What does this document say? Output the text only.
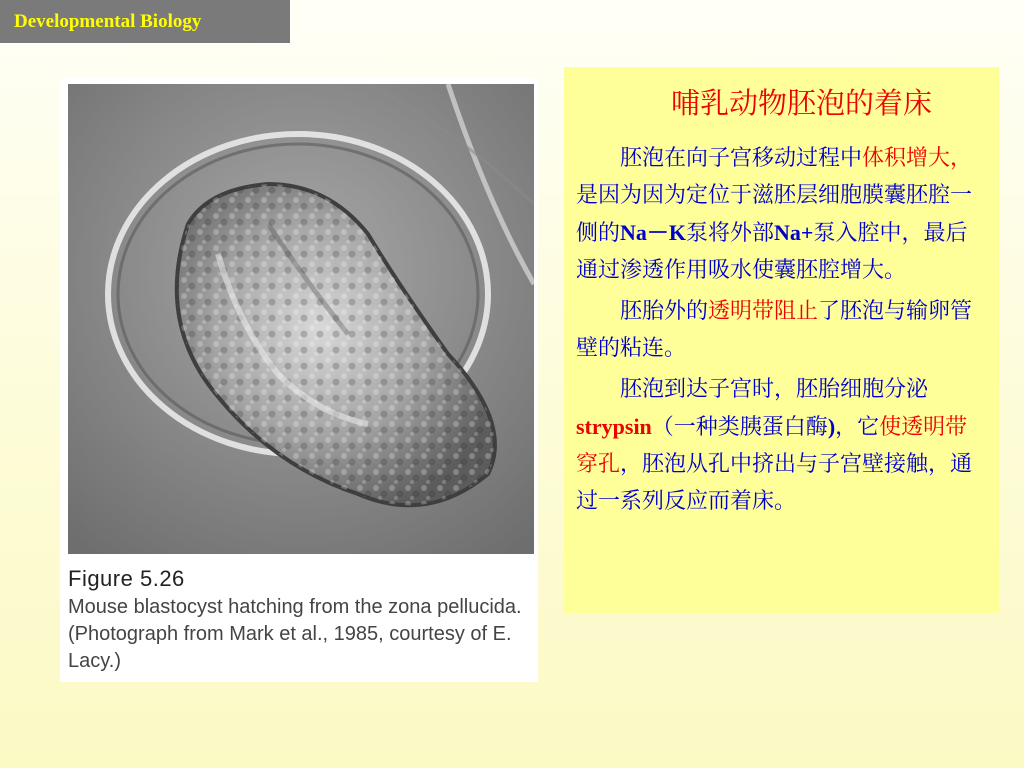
Developmental Biology
Figure 5.26
Mouse blastocyst hatching from the zona pellucida. (Photograph from Mark et al., 1985, courtesy of E. Lacy.)
哺乳动物胚泡的着床

胚泡在向子宫移动过程中体积增大，是因为因为定位于滋胚层细胞膜囊胚腔一侧的Na－K泵将外部Na+泵入腔中，最后通过渗透作用吸水使囊胚腔增大。

胚胎外的透明带阻止了胚泡与输卵管壁的粘连。

胚泡到达子宫时，胚胎细胞分泌strypsin（一种类胰蛋白酶)，它使透明带穿孔，胚泡从孔中挤出与子宫壁接触，通过一系列反应而着床。
